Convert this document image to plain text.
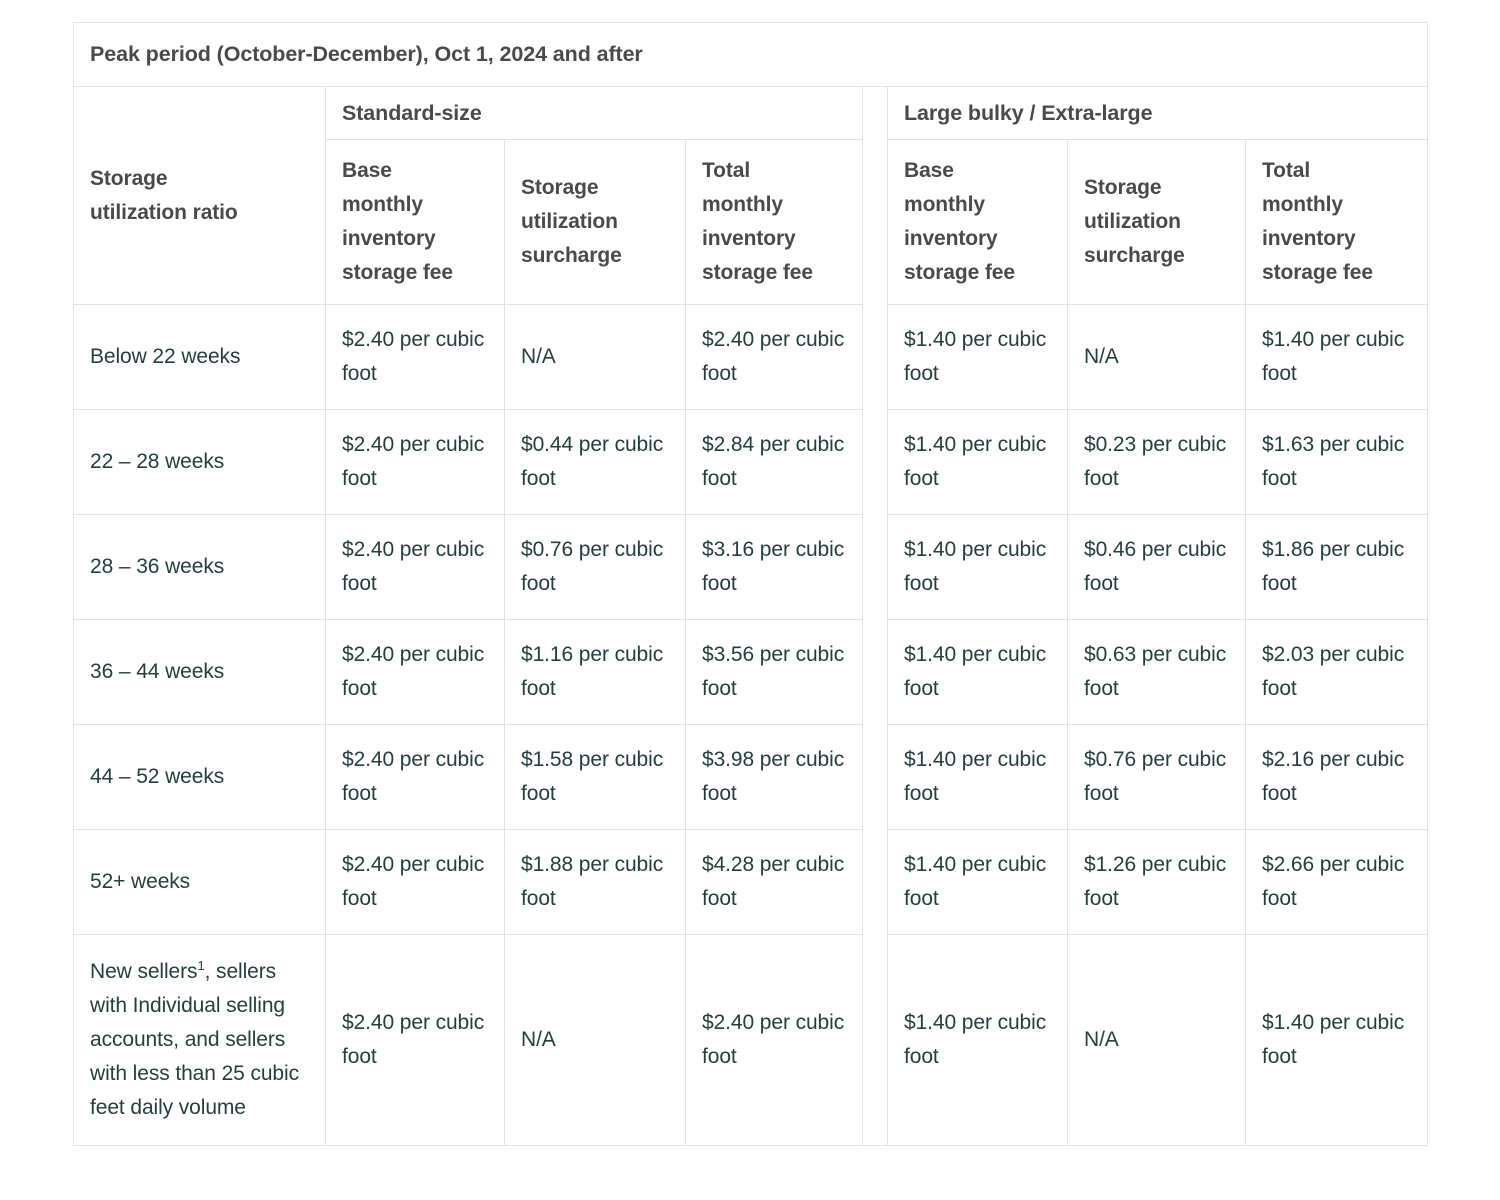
Peak period (October-December), Oct 1, 2024 and after							
Storage
utilization ratio	Standard-size				Large bulky / Extra-large		
	Base
monthly
inventory
storage fee	Storage
utilization
surcharge	Total
monthly
inventory
storage fee		Base
monthly
inventory
storage fee	Storage
utilization
surcharge	Total
monthly
inventory
storage fee
Below 22 weeks	$2.40 per cubic foot	N/A	$2.40 per cubic foot		$1.40 per cubic foot	N/A	$1.40 per cubic foot
22 – 28 weeks	$2.40 per cubic foot	$0.44 per cubic foot	$2.84 per cubic foot		$1.40 per cubic foot	$0.23 per cubic foot	$1.63 per cubic foot
28 – 36 weeks	$2.40 per cubic foot	$0.76 per cubic foot	$3.16 per cubic foot		$1.40 per cubic foot	$0.46 per cubic foot	$1.86 per cubic foot
36 – 44 weeks	$2.40 per cubic foot	$1.16 per cubic foot	$3.56 per cubic foot		$1.40 per cubic foot	$0.63 per cubic foot	$2.03 per cubic foot
44 – 52 weeks	$2.40 per cubic foot	$1.58 per cubic foot	$3.98 per cubic foot		$1.40 per cubic foot	$0.76 per cubic foot	$2.16 per cubic foot
52+ weeks	$2.40 per cubic foot	$1.88 per cubic foot	$4.28 per cubic foot		$1.40 per cubic foot	$1.26 per cubic foot	$2.66 per cubic foot
New sellers$^1$, sellers with Individual selling accounts, and sellers with less than 25 cubic feet daily volume	$2.40 per cubic foot	N/A	$2.40 per cubic foot		$1.40 per cubic foot	N/A	$1.40 per cubic foot
